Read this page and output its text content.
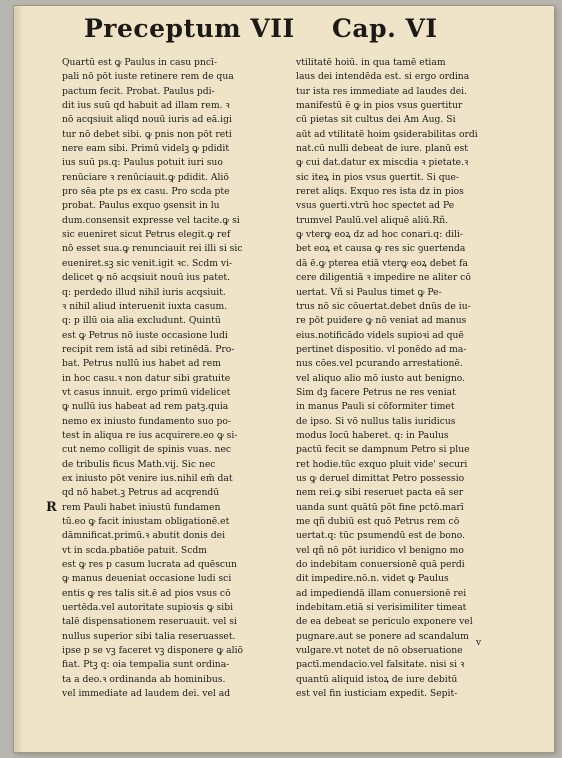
Preceptum VII Cap. VI
Quartū est ꝙ Paulus in casu pncī-
pali nō pōt iuste retinere rem de qua
pactum fecit. Probat. Paulus pdi-
dit ius suū qd habuit ad illam rem. ꝛ
nō acqsiuit aliqd nouū iuris ad eā.igi
tur nō debet sibi. ꝙ pnis non pōt reti
nere eam sibi. Primū videlꝫ ꝙ pdidit
ius suū ps.q: Paulus potuit iuri suo
renūciare ꝛ renūciauit.ꝙ pdidit. Aliō
pro sēa pte ps ex casu. Pro scda pte
probat. Paulus exquo ꝯsensit in lu
dum.consensit expresse vel tacite.ꝙ si
sic eueniret sicut Petrus elegit.ꝙ ref
nō esset sua.ꝙ renunciauit rei illi si sic
eueniret.sꝫ sic venit.igit ꝛc. Scdm vi-
delicet ꝙ nō acqsiuit nouū ius patet.
q: perdedo illud nihil iuris acqsiuit.
ꝛ nihil aliud interuenit iuxta casum.
q: p illū oia alia excludunt. Quintū
est ꝙ Petrus nō iuste occasione ludi
recipit rem istā ad sibi retinēdā. Pro-
bat. Petrus nullū ius habet ad rem
in hoc casu.ꝛ non datur sibi gratuite
vt casus innuit. ergo primū videlicet
ꝙ nullū ius habeat ad rem patꝫ.quia
nemo ex iniusto fundamento suo po-
test in aliqua re ius acquirere.eo ꝙ si-
cut nemo colligit de spinis vuas. nec
de tribulis ficus Math.vij. Sic nec
ex iniusto pōt venire ius.nihil em̄ dat
qd nō habet.ꝫ Petrus ad acqrendū
rem Pauli habet iniustū fundamen
tū.eo ꝙ facit iniustam obligationē.et
dāmnificat.primū.ꝛ abutit donis dei
vt in scda.pbatiōe patuit. Scdm
est ꝙ res p casum lucrata ad quēscun
ꝙ manus deueniat occasione ludi sci
entis ꝙ res talis sit.ē ad pios vsus cō
uertēda.vel autoritate supioꝛis ꝙ sibi
talē dispensationem reseruauit. vel si
nullus superior sibi talia reseruasset.
ipse p se vꝫ faceret vꝫ disponere ꝙ aliō
fiat. Ptꝫ q: oia tempalia sunt ordina-
ta a deo.ꝛ ordinanda ab hominibus.
vel immediate ad laudem dei. vel ad
vtilitatē hoiū. in qua tamē etiam
laus dei intendēda est. si ergo ordina
tur ista res immediate ad laudes dei.
manifestū ē ꝙ in pios vsus ꝯuertitur
cū pietas sit cultus dei Am Aug. Si
aūt ad vtilitatē hoim ꝯsiderabilitas ordi
nat.cū nulli debeat de iure. planū est
ꝙ cui dat.datur ex miscdia ꝛ pietate.ꝛ
sic iteꝝ in pios vsus ꝯuertit. Si que-
reret aliqs. Exquo res ista dz in pios
vsus ꝯuerti.vtrū hoc spectet ad Pe
trumvel Paulū.vel aliquē aliū.Rñ.
ꝙ vterꝙ eoꝝ dz ad hoc conari.q: dili-
bet eoꝝ et causa ꝙ res sic ꝯuertenda
dā ē.ꝙ pterea etiā vterꝙ eoꝝ debet fa
cere diligentiā ꝛ impedire ne aliter cō
uertat. Vñ si Paulus timet ꝙ Pe-
trus nō sic cōuertat.debet dnūs de iu-
re pōt puidere ꝙ nō veniat ad manus
eius.notificādo videls supioꝛi ad quē
pertinet dispositio. vl ponēdo ad ma-
nus cōes.vel pcurando arrestationē.
vel aliquo alio mō iusto aut benigno.
Sim dꝫ facere Petrus ne res veniat
in manus Pauli si cōformiter timet
de ipso. Si vō nullus talis iuridicus
modus locū haberet. q: in Paulus
pactū fecit se dampnum Petro si plue
ret hodie.tūc exquo pluit vide' securi
us ꝙ deruel dimittat Petro possessio
nem rei.ꝙ sibi reseruet pacta eā ser
uanda sunt quātū pōt fine pctō.marī
me qñ dubiū est quō Petrus rem cō
uertat.q: tūc psumendū est de bono.
vel qñ nō pōt iuridico vl benigno mo
do indebitam conuersionē quā perdi
dit impedire.nō.n. videt ꝙ Paulus
ad impediendā illam conuersionē rei
indebitam.etiā si verisimiliter timeat
de ea debeat se periculo exponere vel
pugnare.aut se ponere ad scandalum
vulgare.vt notet de nō obseruatione
pactī.mendacio.vel falsitate. nisi si ꝛ
quantū aliquid istoꝝ de iure debitū
est vel fin iusticiam expedit. Sepit-
R
v
